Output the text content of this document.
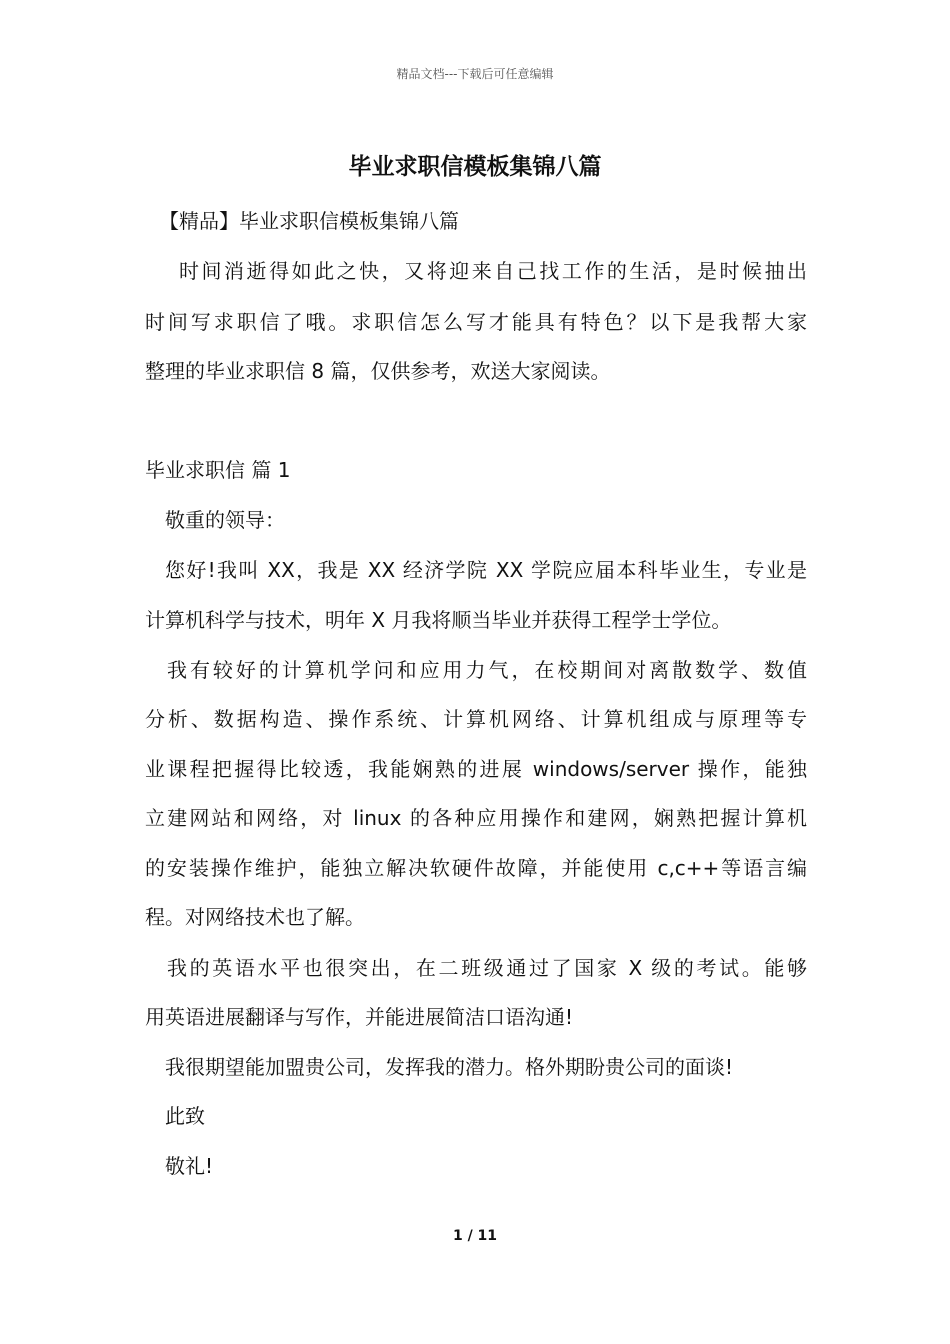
精品文档---下载后可任意编辑
毕业求职信模板集锦八篇
【精品】毕业求职信模板集锦八篇
时间消逝得如此之快，又将迎来自己找工作的生活，是时候抽出
时间写求职信了哦。求职信怎么写才能具有特色？以下是我帮大家
整理的毕业求职信 8 篇，仅供参考，欢送大家阅读。
毕业求职信 篇 1
敬重的领导：
您好!我叫 XX，我是 XX 经济学院 XX 学院应届本科毕业生，专业是
计算机科学与技术，明年 X 月我将顺当毕业并获得工程学士学位。
我有较好的计算机学问和应用力气，在校期间对离散数学、数值
分析、数据构造、操作系统、计算机网络、计算机组成与原理等专
业课程把握得比较透，我能娴熟的进展 windows/server 操作，能独
立建网站和网络，对 linux 的各种应用操作和建网，娴熟把握计算机
的安装操作维护，能独立解决软硬件故障，并能使用 c,c++等语言编
程。对网络技术也了解。
我的英语水平也很突出，在二班级通过了国家 X 级的考试。能够
用英语进展翻译与写作，并能进展简洁口语沟通!
我很期望能加盟贵公司，发挥我的潜力。格外期盼贵公司的面谈!
此致
敬礼!
1 / 11
